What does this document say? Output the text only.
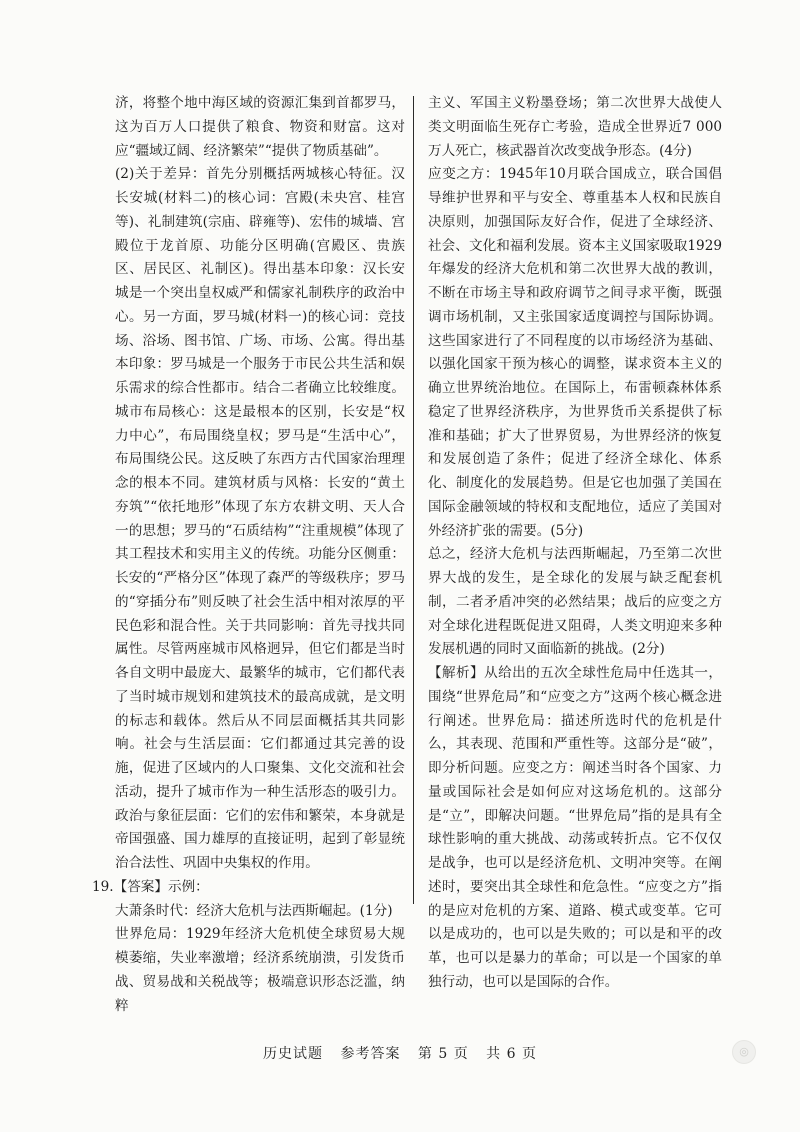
济，将整个地中海区域的资源汇集到首都罗马，这为百万人口提供了粮食、物资和财富。这对应“疆域辽阔、经济繁荣”“提供了物质基础”。

(2)关于差异：首先分别概括两城核心特征。汉长安城(材料二)的核心词：宫殿(未央宫、桂宫等)、礼制建筑(宗庙、辟雍等)、宏伟的城墙、宫殿位于龙首原、功能分区明确(宫殿区、贵族区、居民区、礼制区)。得出基本印象：汉长安城是一个突出皇权威严和儒家礼制秩序的政治中心。另一方面，罗马城(材料一)的核心词：竞技场、浴场、图书馆、广场、市场、公寓。得出基本印象：罗马城是一个服务于市民公共生活和娱乐需求的综合性都市。结合二者确立比较维度。城市布局核心：这是最根本的区别，长安是“权力中心”，布局围绕皇权；罗马是“生活中心”，布局围绕公民。这反映了东西方古代国家治理理念的根本不同。建筑材质与风格：长安的“黄土夯筑”“依托地形”体现了东方农耕文明、天人合一的思想；罗马的“石质结构”“注重规模”体现了其工程技术和实用主义的传统。功能分区侧重：长安的“严格分区”体现了森严的等级秩序；罗马的“穿插分布”则反映了社会生活中相对浓厚的平民色彩和混合性。关于共同影响：首先寻找共同属性。尽管两座城市风格迥异，但它们都是当时各自文明中最庞大、最繁华的城市，它们都代表了当时城市规划和建筑技术的最高成就，是文明的标志和载体。然后从不同层面概括其共同影响。社会与生活层面：它们都通过其完善的设施，促进了区域内的人口聚集、文化交流和社会活动，提升了城市作为一种生活形态的吸引力。政治与象征层面：它们的宏伟和繁荣，本身就是帝国强盛、国力雄厚的直接证明，起到了彰显统治合法性、巩固中央集权的作用。

19.【答案】示例：

大萧条时代：经济大危机与法西斯崛起。(1分)

世界危局：1929年经济大危机使全球贸易大规模萎缩，失业率激增；经济系统崩溃，引发货币战、贸易战和关税战等；极端意识形态泛滥，纳粹

主义、军国主义粉墨登场；第二次世界大战使人类文明面临生死存亡考验，造成全世界近7 000万人死亡，核武器首次改变战争形态。(4分)

应变之方：1945年10月联合国成立，联合国倡导维护世界和平与安全、尊重基本人权和民族自决原则，加强国际友好合作，促进了全球经济、社会、文化和福利发展。资本主义国家吸取1929年爆发的经济大危机和第二次世界大战的教训，不断在市场主导和政府调节之间寻求平衡，既强调市场机制，又主张国家适度调控与国际协调。这些国家进行了不同程度的以市场经济为基础、以强化国家干预为核心的调整，谋求资本主义的确立世界统治地位。在国际上，布雷顿森林体系稳定了世界经济秩序，为世界货币关系提供了标准和基础；扩大了世界贸易，为世界经济的恢复和发展创造了条件；促进了经济全球化、体系化、制度化的发展趋势。但是它也加强了美国在国际金融领域的特权和支配地位，适应了美国对外经济扩张的需要。(5分)

总之，经济大危机与法西斯崛起，乃至第二次世界大战的发生，是全球化的发展与缺乏配套机制，二者矛盾冲突的必然结果；战后的应变之方对全球化进程既促进又阻碍，人类文明迎来多种发展机遇的同时又面临新的挑战。(2分)

【解析】从给出的五次全球性危局中任选其一，围绕“世界危局”和“应变之方”这两个核心概念进行阐述。世界危局：描述所选时代的危机是什么，其表现、范围和严重性等。这部分是“破”，即分析问题。应变之方：阐述当时各个国家、力量或国际社会是如何应对这场危机的。这部分是“立”，即解决问题。“世界危局”指的是具有全球性影响的重大挑战、动荡或转折点。它不仅仅是战争，也可以是经济危机、文明冲突等。在阐述时，要突出其全球性和危急性。“应变之方”指的是应对危机的方案、道路、模式或变革。它可以是成功的，也可以是失败的；可以是和平的改革，也可以是暴力的革命；可以是一个国家的单独行动，也可以是国际的合作。

历史试题 参考答案 第 5 页 共 6 页	◎
